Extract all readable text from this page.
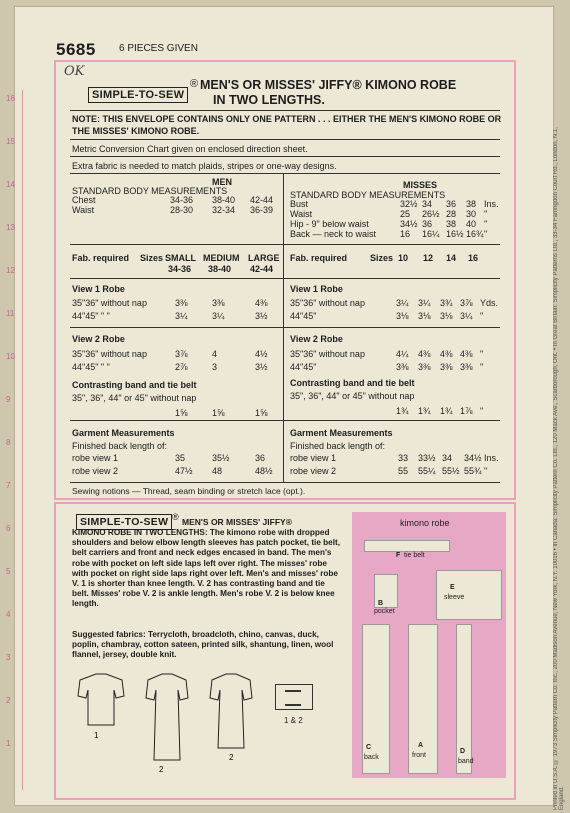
16
15
14
13
12
11
10
9
8
7
6
5
4
3
2
1	Printed in U.S.A. © 1973 Simplicity Pattern Co. Inc., 200 Madison Avenue, New York, N.Y. 10016 • In Canada: Simplicity Pattern Co. Ltd., 120 Mack Ave., Scarborough, Ont. • In Great Britain: Simplicity Patterns Ltd., 33-34 Farringdon Court Rd., London, N.1, England.
5685 6 PIECES GIVEN
OK
SIMPLE-TO-SEW
® MEN'S OR MISSES' JIFFY® KIMONO ROBE
IN TWO LENGTHS.
NOTE: THIS ENVELOPE CONTAINS ONLY ONE PATTERN . . . EITHER THE MEN'S KIMONO ROBE OR
THE MISSES' KIMONO ROBE.
Metric Conversion Chart given on enclosed direction sheet.
Extra fabric is needed to match plaids, stripes or one-way designs.
MEN
STANDARD BODY MEASUREMENTS
Chest	34-36 38-40 42-44
Waist	28-30 32-34 36-39
Fab. required Sizes SMALL MEDIUM LARGE
34-36 38-40 42-44
View 1 Robe
35"36" without nap	3⅜	3⅜	4⅜
44"45" " "	3¼	3¼	3½
View 2 Robe
35"36" without nap	3⅞	4	4½
44"45" " "	2⅞	3	3½
Contrasting band and tie belt
35", 36", 44" or 45" without nap
1⅝	1⅝	1⅝
Garment Measurements
Finished back length of:
robe view 1	35	35½	36
robe view 2	47½ 48	48½
MISSES
STANDARD BODY MEASUREMENTS
Bust	32½ 34 36 38 Ins.
Waist	25 26½ 28 30 "
Hip - 9" below waist	34½ 36 38 40 "
Back — neck to waist	16 16¼ 16½ 16¾ "
Fab. required	Sizes 10 12 14 16
View 1 Robe
35"36" without nap	3¼ 3¼ 3¾ 3⅞ Yds.
44"45"	3⅛ 3⅛ 3⅛ 3¼ "
View 2 Robe
35"36" without nap	4¼ 4⅜ 4⅜ 4⅜ "
44"45"	3⅜ 3⅜ 3⅜ 3⅜ "
Contrasting band and tie belt
35", 36", 44" or 45" without nap
1¾ 1¾ 1¾ 1⅞ "
Garment Measurements
Finished back length of:
robe view 1	33 33½ 34 34½ Ins.
robe view 2	55 55¼ 55½ 55¾ "
Sewing notions — Thread, seam binding or stretch lace (opt.).
SIMPLE-TO-SEW ® MEN'S OR MISSES' JIFFY®
KIMONO ROBE IN TWO LENGTHS: The kimono robe with dropped shoulders and below elbow length sleeves has patch pocket, tie belt, belt carriers and front and neck edges encased in band. The men's robe with pocket on left side laps left over right. The misses' robe with pocket on right side laps right over left. Men's and misses' robe V. 1 is shorter than knee length. V. 2 has contrasting band and tie belt. Misses' robe V. 2 is ankle length. Men's robe V. 2 is below knee length.
Suggested fabrics: Terrycloth, broadcloth, chino, canvas, duck, poplin, chambray, cotton sateen, printed silk, shantung, linen, wool flannel, jersey, double knit.
1
2
2
1 & 2
kimono robe
F tie belt
E
sleeve
B
pocket
C
back
A
front
D
band
